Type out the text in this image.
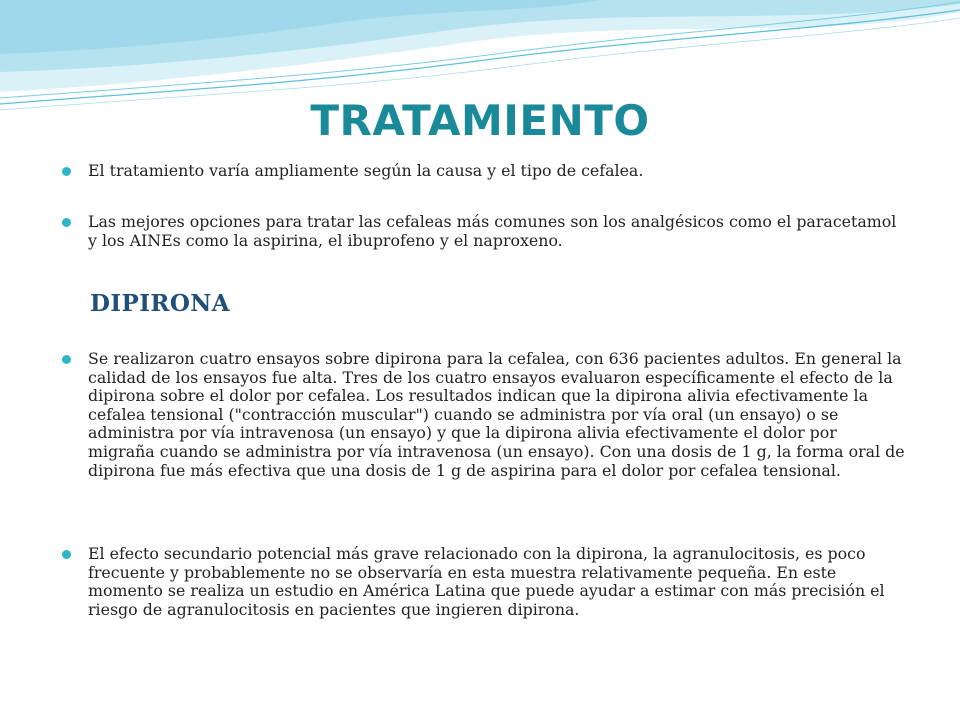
TRATAMIENTO
El tratamiento varía ampliamente según la causa y el tipo de cefalea.
Las mejores opciones para tratar las cefaleas más comunes son los analgésicos como el paracetamol y los AINEs como la aspirina, el ibuprofeno y el naproxeno.
DIPIRONA
Se realizaron cuatro ensayos sobre dipirona para la cefalea, con 636 pacientes adultos. En general la calidad de los ensayos fue alta. Tres de los cuatro ensayos evaluaron específicamente el efecto de la dipirona sobre el dolor por cefalea. Los resultados indican que la dipirona alivia efectivamente la cefalea tensional ("contracción muscular") cuando se administra por vía oral (un ensayo) o se administra por vía intravenosa (un ensayo) y que la dipirona alivia efectivamente el dolor por migraña cuando se administra por vía intravenosa (un ensayo). Con una dosis de 1 g, la forma oral de dipirona fue más efectiva que una dosis de 1 g de aspirina para el dolor por cefalea tensional.
El efecto secundario potencial más grave relacionado con la dipirona, la agranulocitosis, es poco frecuente y probablemente no se observaría en esta muestra relativamente pequeña. En este momento se realiza un estudio en América Latina que puede ayudar a estimar con más precisión el riesgo de agranulocitosis en pacientes que ingieren dipirona.
